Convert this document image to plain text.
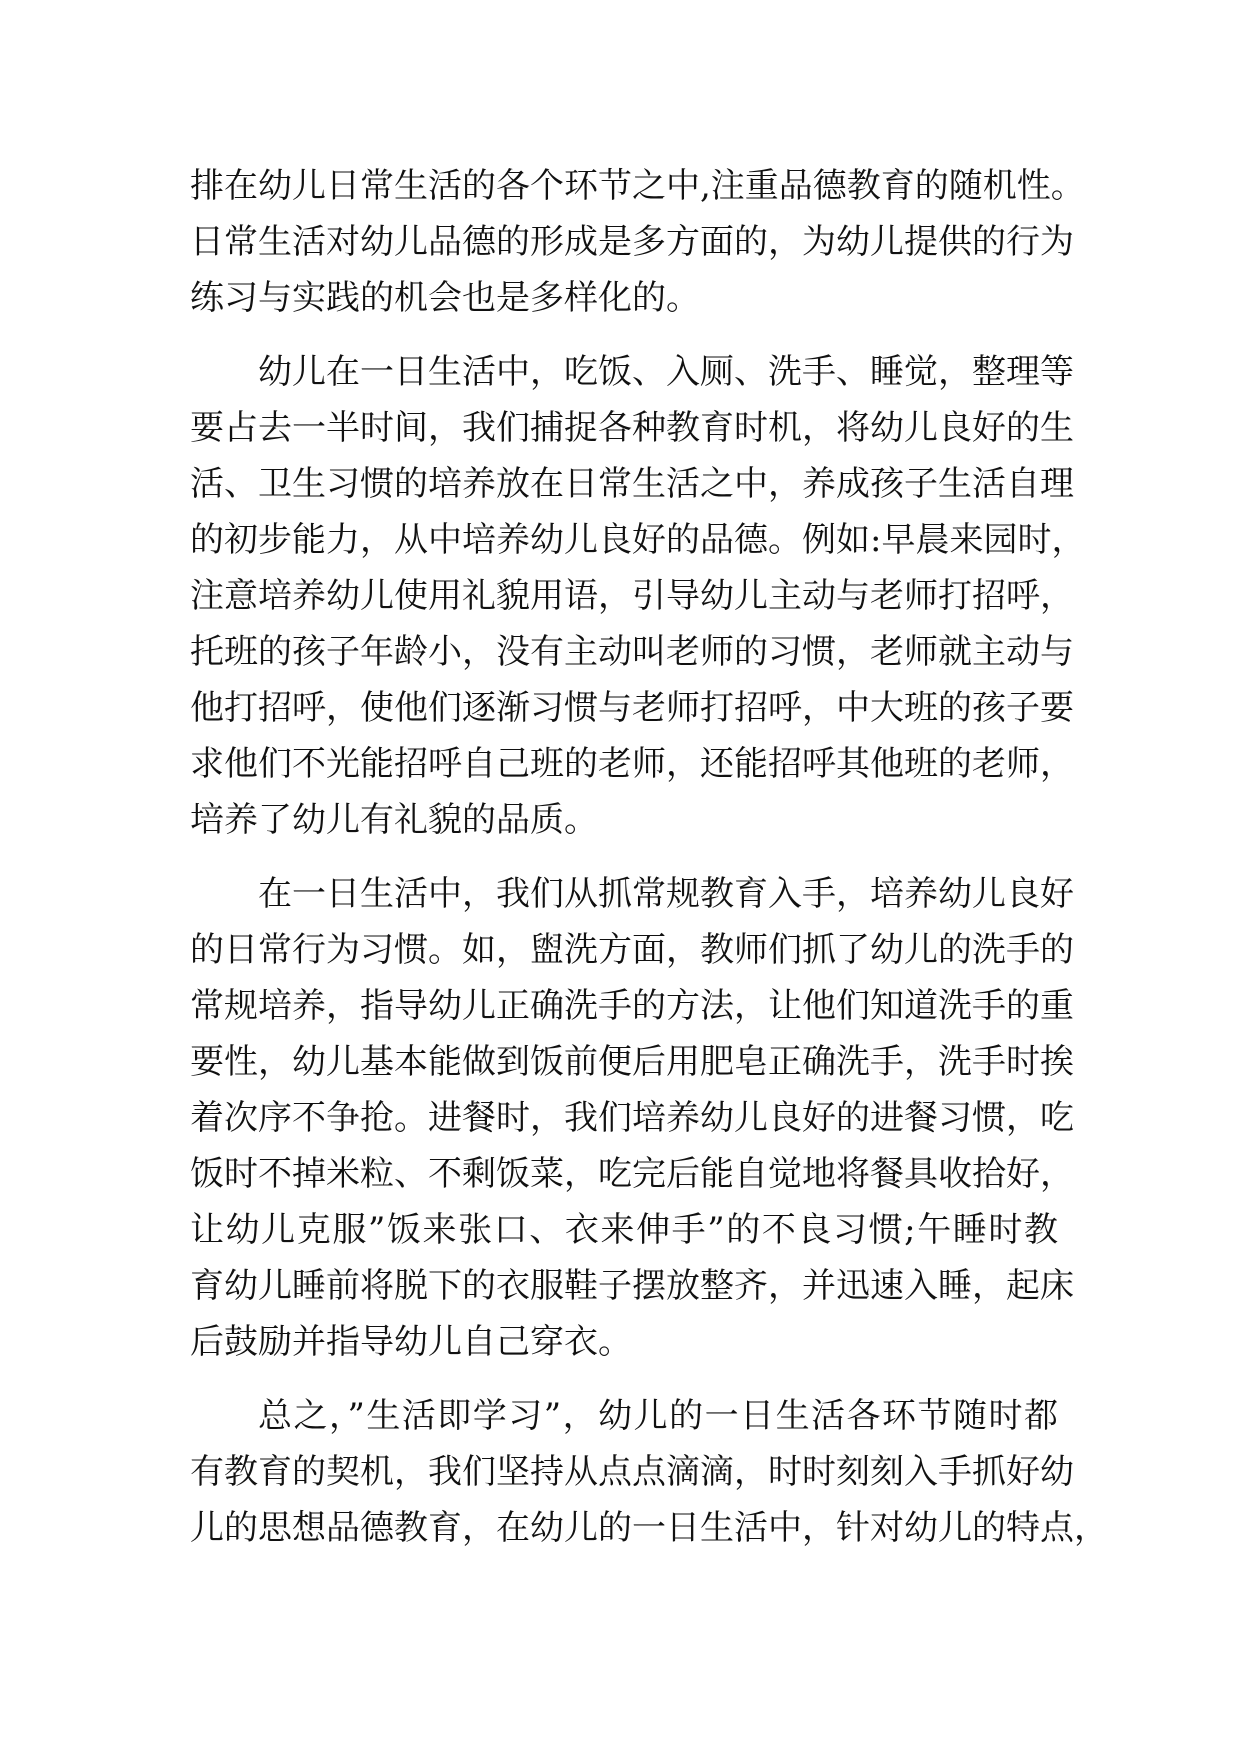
排在幼儿日常生活的各个环节之中,注重品德教育的随机性。
日常生活对幼儿品德的形成是多方面的，为幼儿提供的行为
练习与实践的机会也是多样化的。
幼儿在一日生活中，吃饭、入厕、洗手、睡觉，整理等
要占去一半时间，我们捕捉各种教育时机，将幼儿良好的生
活、卫生习惯的培养放在日常生活之中，养成孩子生活自理
的初步能力，从中培养幼儿良好的品德。例如:早晨来园时，
注意培养幼儿使用礼貌用语，引导幼儿主动与老师打招呼，
托班的孩子年龄小，没有主动叫老师的习惯，老师就主动与
他打招呼，使他们逐渐习惯与老师打招呼，中大班的孩子要
求他们不光能招呼自己班的老师，还能招呼其他班的老师，
培养了幼儿有礼貌的品质。
在一日生活中，我们从抓常规教育入手，培养幼儿良好
的日常行为习惯。如，盥洗方面，教师们抓了幼儿的洗手的
常规培养，指导幼儿正确洗手的方法，让他们知道洗手的重
要性，幼儿基本能做到饭前便后用肥皂正确洗手，洗手时挨
着次序不争抢。进餐时，我们培养幼儿良好的进餐习惯，吃
饭时不掉米粒、不剩饭菜，吃完后能自觉地将餐具收拾好，
让幼儿克服”饭来张口、衣来伸手”的不良习惯;午睡时教
育幼儿睡前将脱下的衣服鞋子摆放整齐，并迅速入睡，起床
后鼓励并指导幼儿自己穿衣。
总之，”生活即学习”，幼儿的一日生活各环节随时都
有教育的契机，我们坚持从点点滴滴，时时刻刻入手抓好幼
儿的思想品德教育，在幼儿的一日生活中，针对幼儿的特点，
